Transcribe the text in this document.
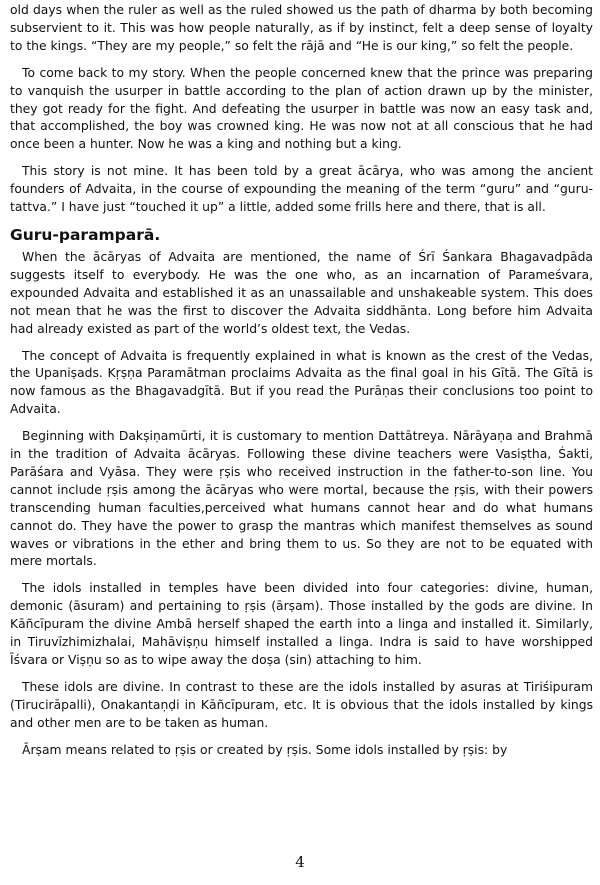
old days when the ruler as well as the ruled showed us the path of dharma by both becoming subservient to it. This was how people naturally, as if by instinct, felt a deep sense of loyalty to the kings. “They are my people,” so felt the rājā and “He is our king,” so felt the people.

To come back to my story. When the people concerned knew that the prince was preparing to vanquish the usurper in battle according to the plan of action drawn up by the minister, they got ready for the fight. And defeating the usurper in battle was now an easy task and, that accomplished, the boy was crowned king. He was now not at all conscious that he had once been a hunter. Now he was a king and nothing but a king.

This story is not mine. It has been told by a great ācārya, who was among the ancient founders of Advaita, in the course of expounding the meaning of the term “guru” and “guru-tattva.” I have just “touched it up” a little, added some frills here and there, that is all.

Guru-paramparā.

When the ācāryas of Advaita are mentioned, the name of Śrī Śankara Bhagavadpāda suggests itself to everybody. He was the one who, as an incarnation of Parameśvara, expounded Advaita and established it as an unassailable and unshakeable system. This does not mean that he was the first to discover the Advaita siddhānta. Long before him Advaita had already existed as part of the world’s oldest text, the Vedas.

The concept of Advaita is frequently explained in what is known as the crest of the Vedas, the Upaniṣads. Kṛṣṇa Paramātman proclaims Advaita as the final goal in his Gītā. The Gītā is now famous as the Bhagavadgītā. But if you read the Purāṇas their conclusions too point to Advaita.

Beginning with Dakṣiṇamūrti, it is customary to mention Dattātreya. Nārāyaṇa and Brahmā in the tradition of Advaita ācāryas. Following these divine teachers were Vasiṣtha, Śakti, Parāśara and Vyāsa. They were ṛṣis who received instruction in the father-to-son line. You cannot include ṛṣis among the ācāryas who were mortal, because the ṛṣis, with their powers transcending human faculties,perceived what humans cannot hear and do what humans cannot do. They have the power to grasp the mantras which manifest themselves as sound waves or vibrations in the ether and bring them to us. So they are not to be equated with mere mortals.

The idols installed in temples have been divided into four categories: divine, human, demonic (āsuram) and pertaining to ṛṣis (ārṣam). Those installed by the gods are divine. In Kāñcīpuram the divine Ambā herself shaped the earth into a linga and installed it. Similarly, in Tiruvīzhimizhalai, Mahāviṣṇu himself installed a linga. Indra is said to have worshipped Īśvara or Viṣṇu so as to wipe away the doṣa (sin) attaching to him.

These idols are divine. In contrast to these are the idols installed by asuras at Tiriśipuram (Tirucirāpalli), Onakantaṇḍi in Kāñcīpuram, etc. It is obvious that the idols installed by kings and other men are to be taken as human.

Ārṣam means related to ṛṣis or created by ṛṣis. Some idols installed by ṛṣis: by

4
